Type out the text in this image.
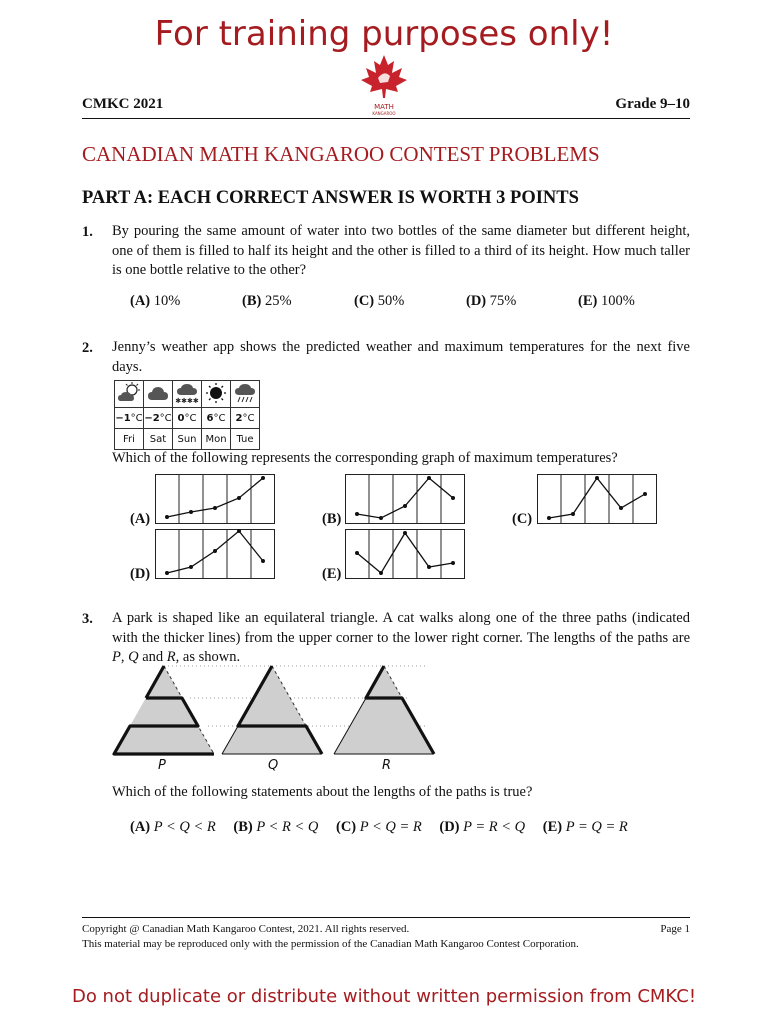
For training purposes only!
CMKC 2021	Grade 9–10
MATH
KANGAROO
CANADIAN MATH KANGAROO CONTEST PROBLEMS
PART A: EACH CORRECT ANSWER IS WORTH 3 POINTS
1. By pouring the same amount of water into two bottles of the same diameter but different height, one of them is filled to half its height and the other is filled to a third of its height. How much taller is one bottle relative to the other?
(A) 10%	(B) 25%	(C) 50%	(D) 75%	(E) 100%
2. Jenny’s weather app shows the predicted weather and maximum temperatures for the next five days.

✱✱✱✱

−1°C	−2°C	0°C	6°C	2°C
Fri	Sat	Sun	Mon	Tue
Which of the following represents the corresponding graph of maximum temperatures?
(A)	(B)	(C)
(D)	(E)
3. A park is shaped like an equilateral triangle. A cat walks along one of the three paths (indicated with the thicker lines) from the upper corner to the lower right corner. The lengths of the paths are P, Q and R, as shown.
P	Q	R
Which of the following statements about the lengths of the paths is true?
(A) P < Q < R (B) P < R < Q (C) P < Q = R (D) P = R < Q (E) P = Q = R
Copyright @ Canadian Math Kangaroo Contest, 2021. All rights reserved.	Page 1
This material may be reproduced only with the permission of the Canadian Math Kangaroo Contest Corporation.
Do not duplicate or distribute without written permission from CMKC!
